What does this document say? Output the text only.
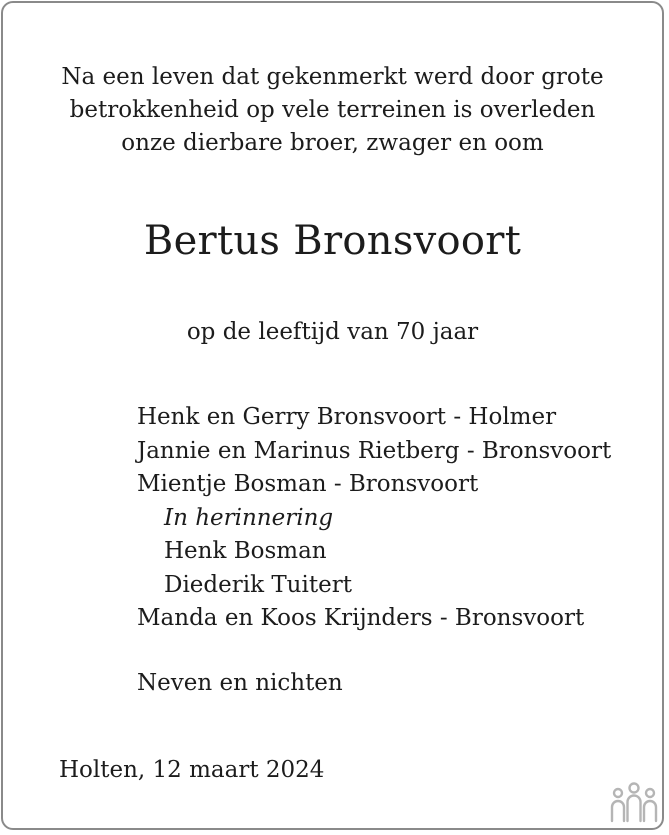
Na een leven dat gekenmerkt werd door grote
betrokkenheid op vele terreinen is overleden
onze dierbare broer, zwager en oom
Bertus Bronsvoort
op de leeftijd van 70 jaar
Henk en Gerry Bronsvoort - Holmer
Jannie en Marinus Rietberg - Bronsvoort
Mientje Bosman - Bronsvoort
In herinnering
Henk Bosman
Diederik Tuitert
Manda en Koos Krijnders - Bronsvoort
Neven en nichten
Holten, 12 maart 2024
